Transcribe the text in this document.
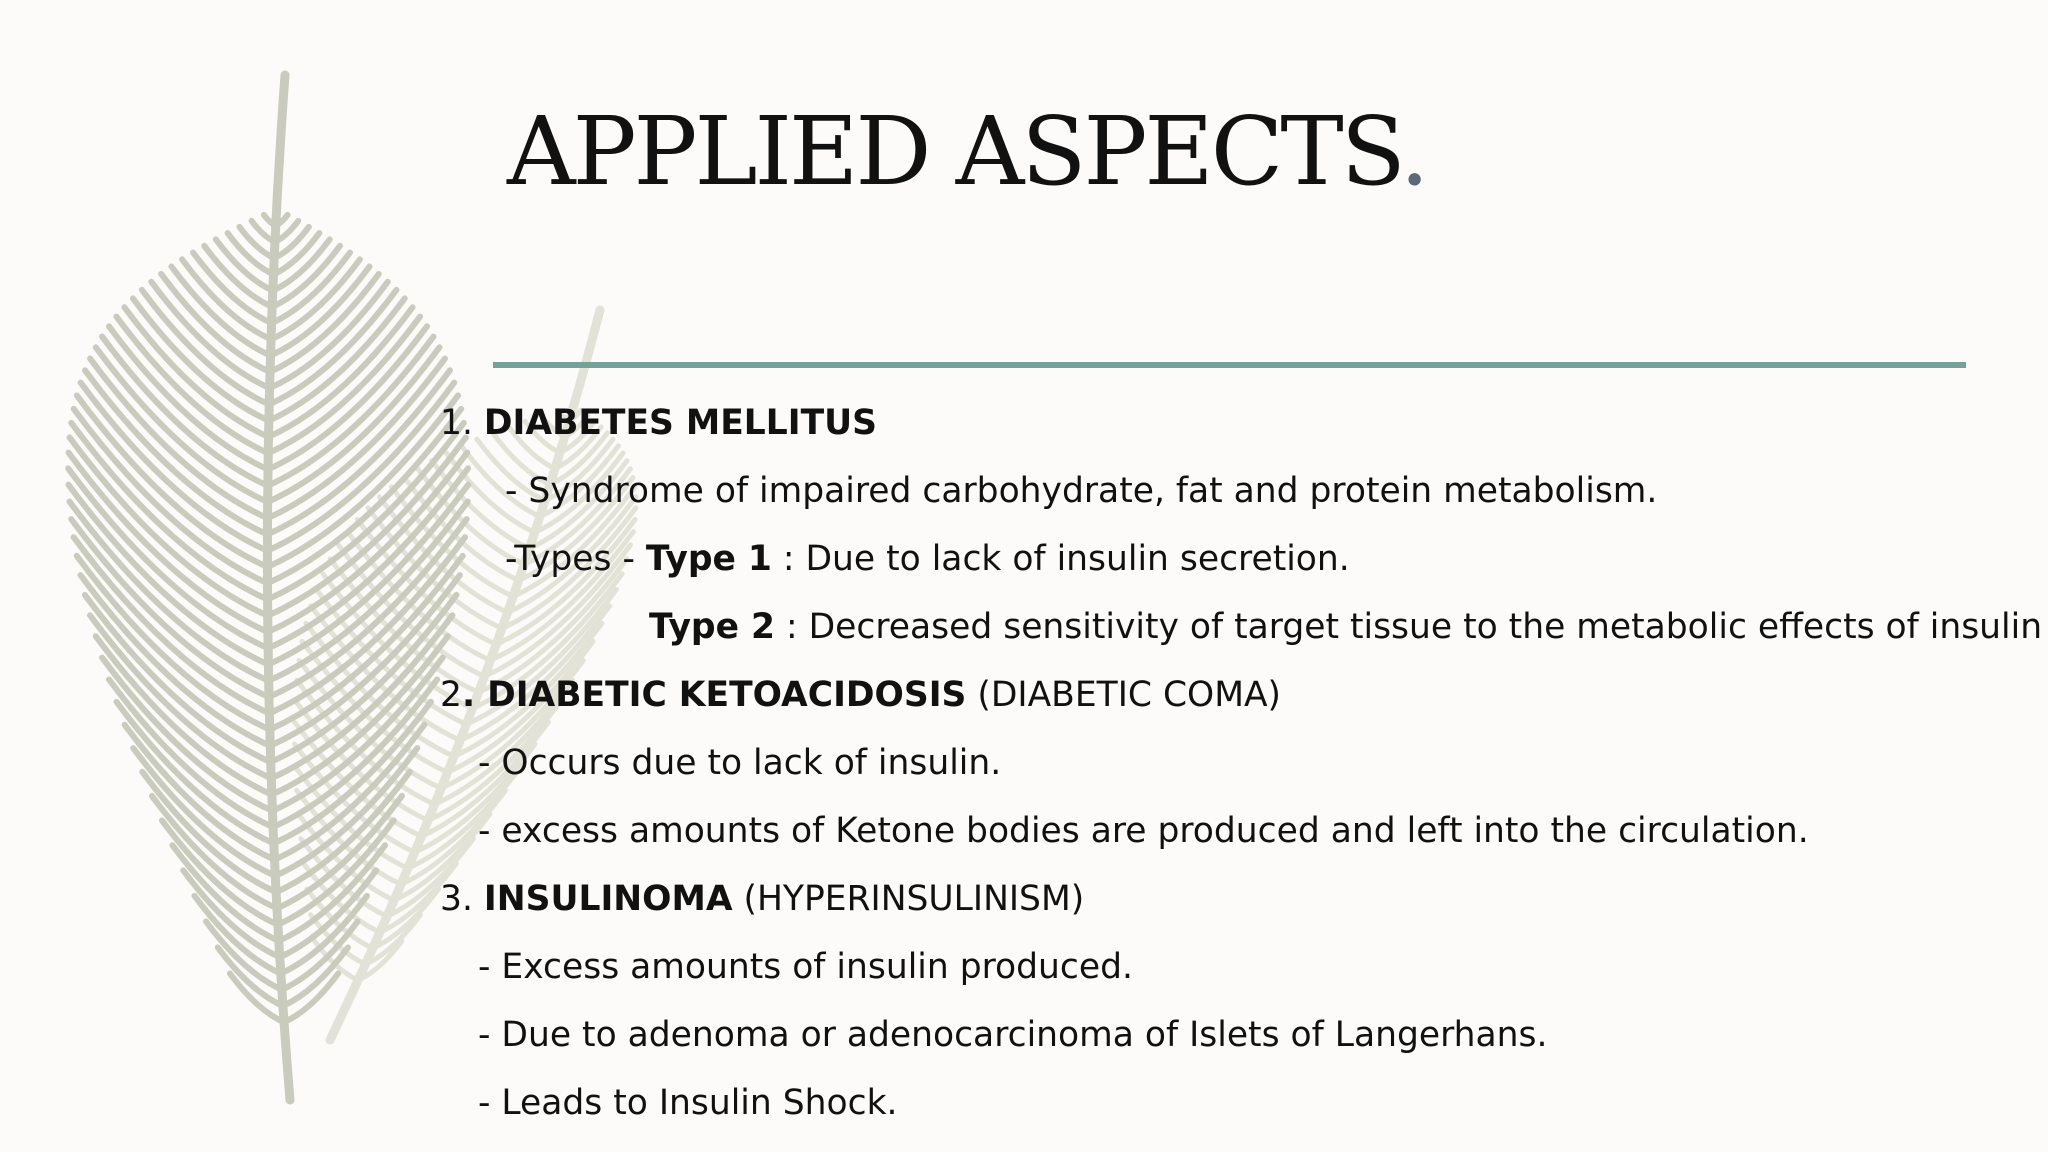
APPLIED ASPECTS.
1. DIABETES MELLITUS
- Syndrome of impaired carbohydrate, fat and protein metabolism.
-Types - Type 1 : Due to lack of insulin secretion.
Type 2 : Decreased sensitivity of target tissue to the metabolic effects of insulin
2. DIABETIC KETOACIDOSIS (DIABETIC COMA)
- Occurs due to lack of insulin.
- excess amounts of Ketone bodies are produced and left into the circulation.
3. INSULINOMA (HYPERINSULINISM)
- Excess amounts of insulin produced.
- Due to adenoma or adenocarcinoma of Islets of Langerhans.
- Leads to Insulin Shock.
